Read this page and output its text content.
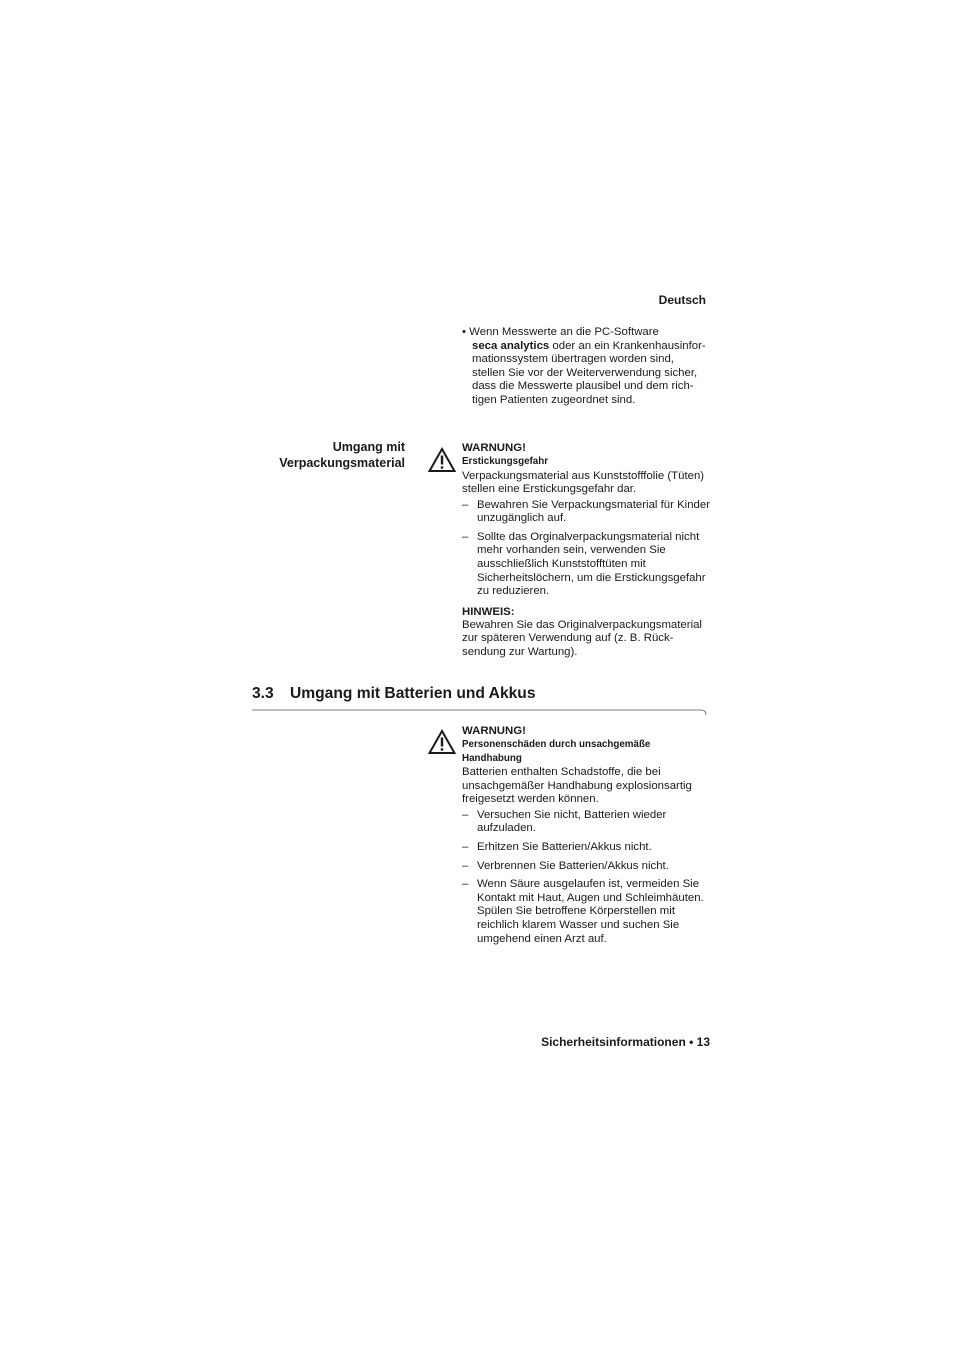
Deutsch
• Wenn Messwerte an die PC-Software
seca analytics oder an ein Krankenhausinfor-
mationssystem übertragen worden sind,
stellen Sie vor der Weiterverwendung sicher,
dass die Messwerte plausibel und dem rich-
tigen Patienten zugeordnet sind.
Umgang mit
Verpackungsmaterial
WARNUNG!
Erstickungsgefahr
Verpackungsmaterial aus Kunststofffolie (Tüten) stellen eine Erstickungsgefahr dar.
– Bewahren Sie Verpackungsmaterial für Kinder unzugänglich auf.
– Sollte das Orginalverpackungsmaterial nicht mehr vorhanden sein, verwenden Sie ausschließlich Kunststofftüten mit Sicherheitslöchern, um die Erstickungsgefahr zu reduzieren.
HINWEIS:
Bewahren Sie das Originalverpackungsmaterial zur späteren Verwendung auf (z. B. Rück-sendung zur Wartung).
3.3 Umgang mit Batterien und Akkus
WARNUNG!
Personenschäden durch unsachgemäße Handhabung
Batterien enthalten Schadstoffe, die bei unsachgemäßer Handhabung explosionsartig freigesetzt werden können.
– Versuchen Sie nicht, Batterien wieder aufzuladen.
– Erhitzen Sie Batterien/Akkus nicht.
– Verbrennen Sie Batterien/Akkus nicht.
– Wenn Säure ausgelaufen ist, vermeiden Sie Kontakt mit Haut, Augen und Schleimhäuten. Spülen Sie betroffene Körperstellen mit reichlich klarem Wasser und suchen Sie umgehend einen Arzt auf.
Sicherheitsinformationen • 13
